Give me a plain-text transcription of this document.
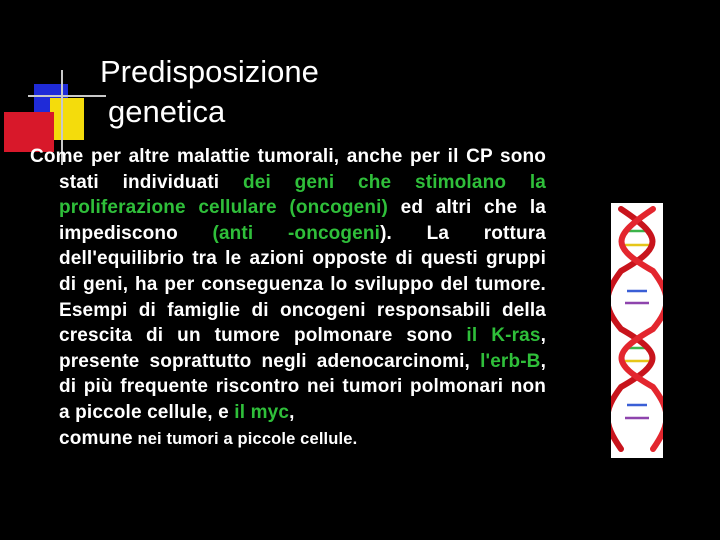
Predisposizione
genetica
Come per altre malattie tumorali, anche per il CP sono stati individuati dei geni che stimolano la proliferazione cellulare (oncogeni) ed altri che la impediscono (anti -oncogeni). La rottura dell'equilibrio tra le azioni opposte di questi gruppi di geni, ha per conseguenza lo sviluppo del tumore. Esempi di famiglie di oncogeni responsabili della crescita di un tumore polmonare sono il K-ras, presente soprattutto negli adenocarcinomi, l'erb-B, di più frequente riscontro nei tumori polmonari non a piccole cellule, e il myc,
comune nei tumori a piccole cellule.
